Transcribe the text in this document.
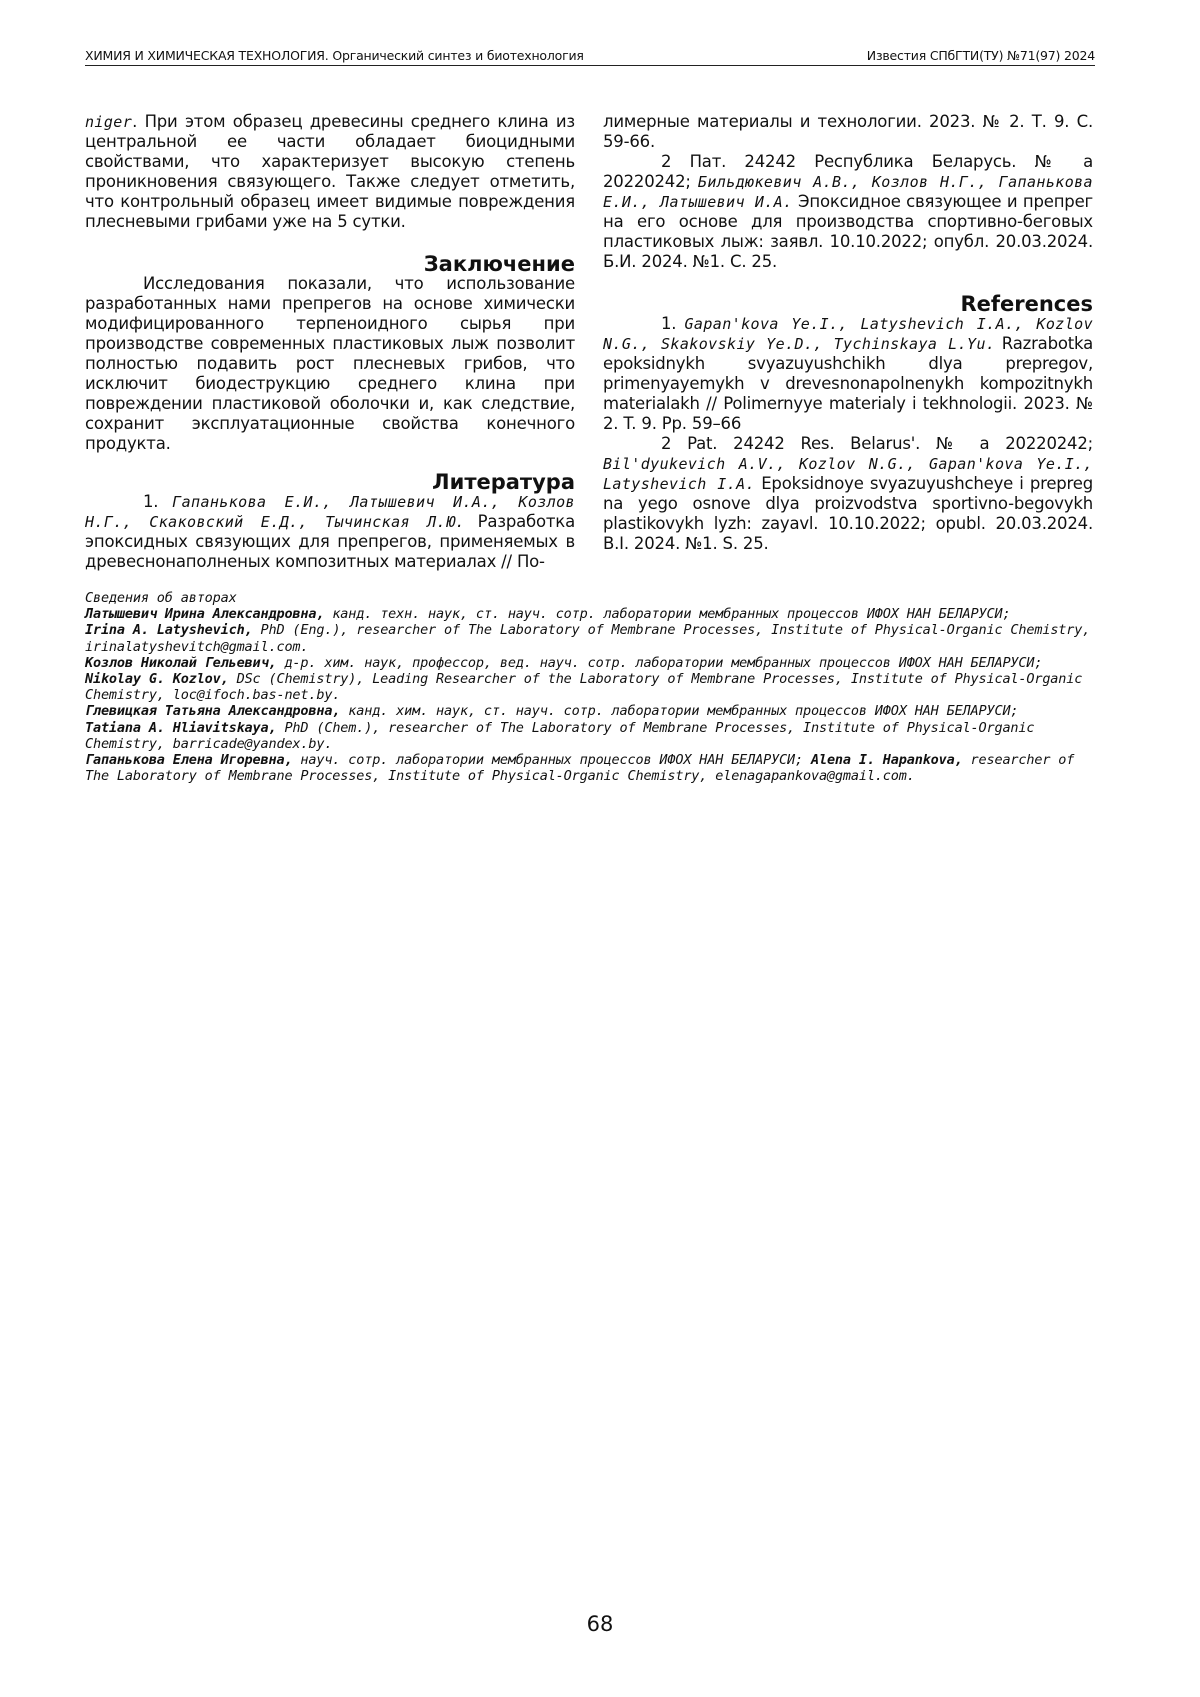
ХИМИЯ И ХИМИЧЕСКАЯ ТЕХНОЛОГИЯ. Органический синтез и биотехнология	Известия СПбГТИ(ТУ) №71(97) 2024

niger. При этом образец древесины среднего клина из центральной ее части обладает биоцидными свойствами, что характеризует высокую степень проникновения связующего. Также следует отметить, что контрольный образец имеет видимые повреждения плесневыми грибами уже на 5 сутки.

Заключение

Исследования показали, что использование разработанных нами препрегов на основе химически модифицированного терпеноидного сырья при производстве современных пластиковых лыж позволит полностью подавить рост плесневых грибов, что исключит биодеструкцию среднего клина при повреждении пластиковой оболочки и, как следствие, сохранит эксплуатационные свойства конечного продукта.

Литература

1. Гапанькова Е.И., Латышевич И.А., Козлов Н.Г., Скаковский Е.Д., Тычинская Л.Ю. Разработка эпоксидных связующих для препрегов, применяемых в древеснонаполненых композитных материалах // По-

лимерные материалы и технологии. 2023. № 2. Т. 9. С. 59-66.

2 Пат. 24242 Республика Беларусь. № а 20220242; Бильдюкевич А.В., Козлов Н.Г., Гапанькова Е.И., Латышевич И.А. Эпоксидное связующее и препрег на его основе для производства спортивно-беговых пластиковых лыж: заявл. 10.10.2022; опубл. 20.03.2024. Б.И. 2024. №1. С. 25.

References

1. Gapan'kova Ye.I., Latyshevich I.A., Kozlov N.G., Skakovskiy Ye.D., Tychinskaya L.Yu. Razrabotka epoksidnykh svyazuyushchikh dlya prepregov, primenyayemykh v drevesnonapolnenykh kompozitnykh materialakh // Polimernyye materialy i tekhnologii. 2023. № 2. T. 9. Pp. 59–66

2 Pat. 24242 Res. Belarus'. № a 20220242; Bil'dyukevich A.V., Kozlov N.G., Gapan'kova Ye.I., Latyshevich I.A. Epoksidnoye svyazuyushcheye i prepreg na yego osnove dlya proizvodstva sportivno-begovykh plastikovykh lyzh: zayavl. 10.10.2022; opubl. 20.03.2024. B.I. 2024. №1. S. 25.

Сведения об авторах

Латышевич Ирина Александровна, канд. техн. наук, ст. науч. сотр. лаборатории мембранных процессов ИФОХ НАН БЕЛАРУСИ;

Irina A. Latyshevich, PhD (Eng.), researcher of The Laboratory of Membrane Processes, Institute of Physical-Organic Chemistry, irinalatyshevitch@gmail.com.

Козлов Николай Гельевич, д-р. хим. наук, профессор, вед. науч. сотр. лаборатории мембранных процессов ИФОХ НАН БЕЛАРУСИ;

Nikolay G. Kozlov, DSc (Chemistry), Leading Researcher of the Laboratory of Membrane Processes, Institute of Physical-Organic Chemistry, loc@ifoch.bas-net.by.

Глевицкая Татьяна Александровна, канд. хим. наук, ст. науч. сотр. лаборатории мембранных процессов ИФОХ НАН БЕЛАРУСИ;

Tatiana A. Hliavitskaya, PhD (Chem.), researcher of The Laboratory of Membrane Processes, Institute of Physical-Organic Chemistry, barricade@yandex.by.

Гапанькова Елена Игоревна, науч. сотр. лаборатории мембранных процессов ИФОХ НАН БЕЛАРУСИ; Alena I. Hapankova, researcher of The Laboratory of Membrane Processes, Institute of Physical-Organic Chemistry, elenagapankova@gmail.com.

68
